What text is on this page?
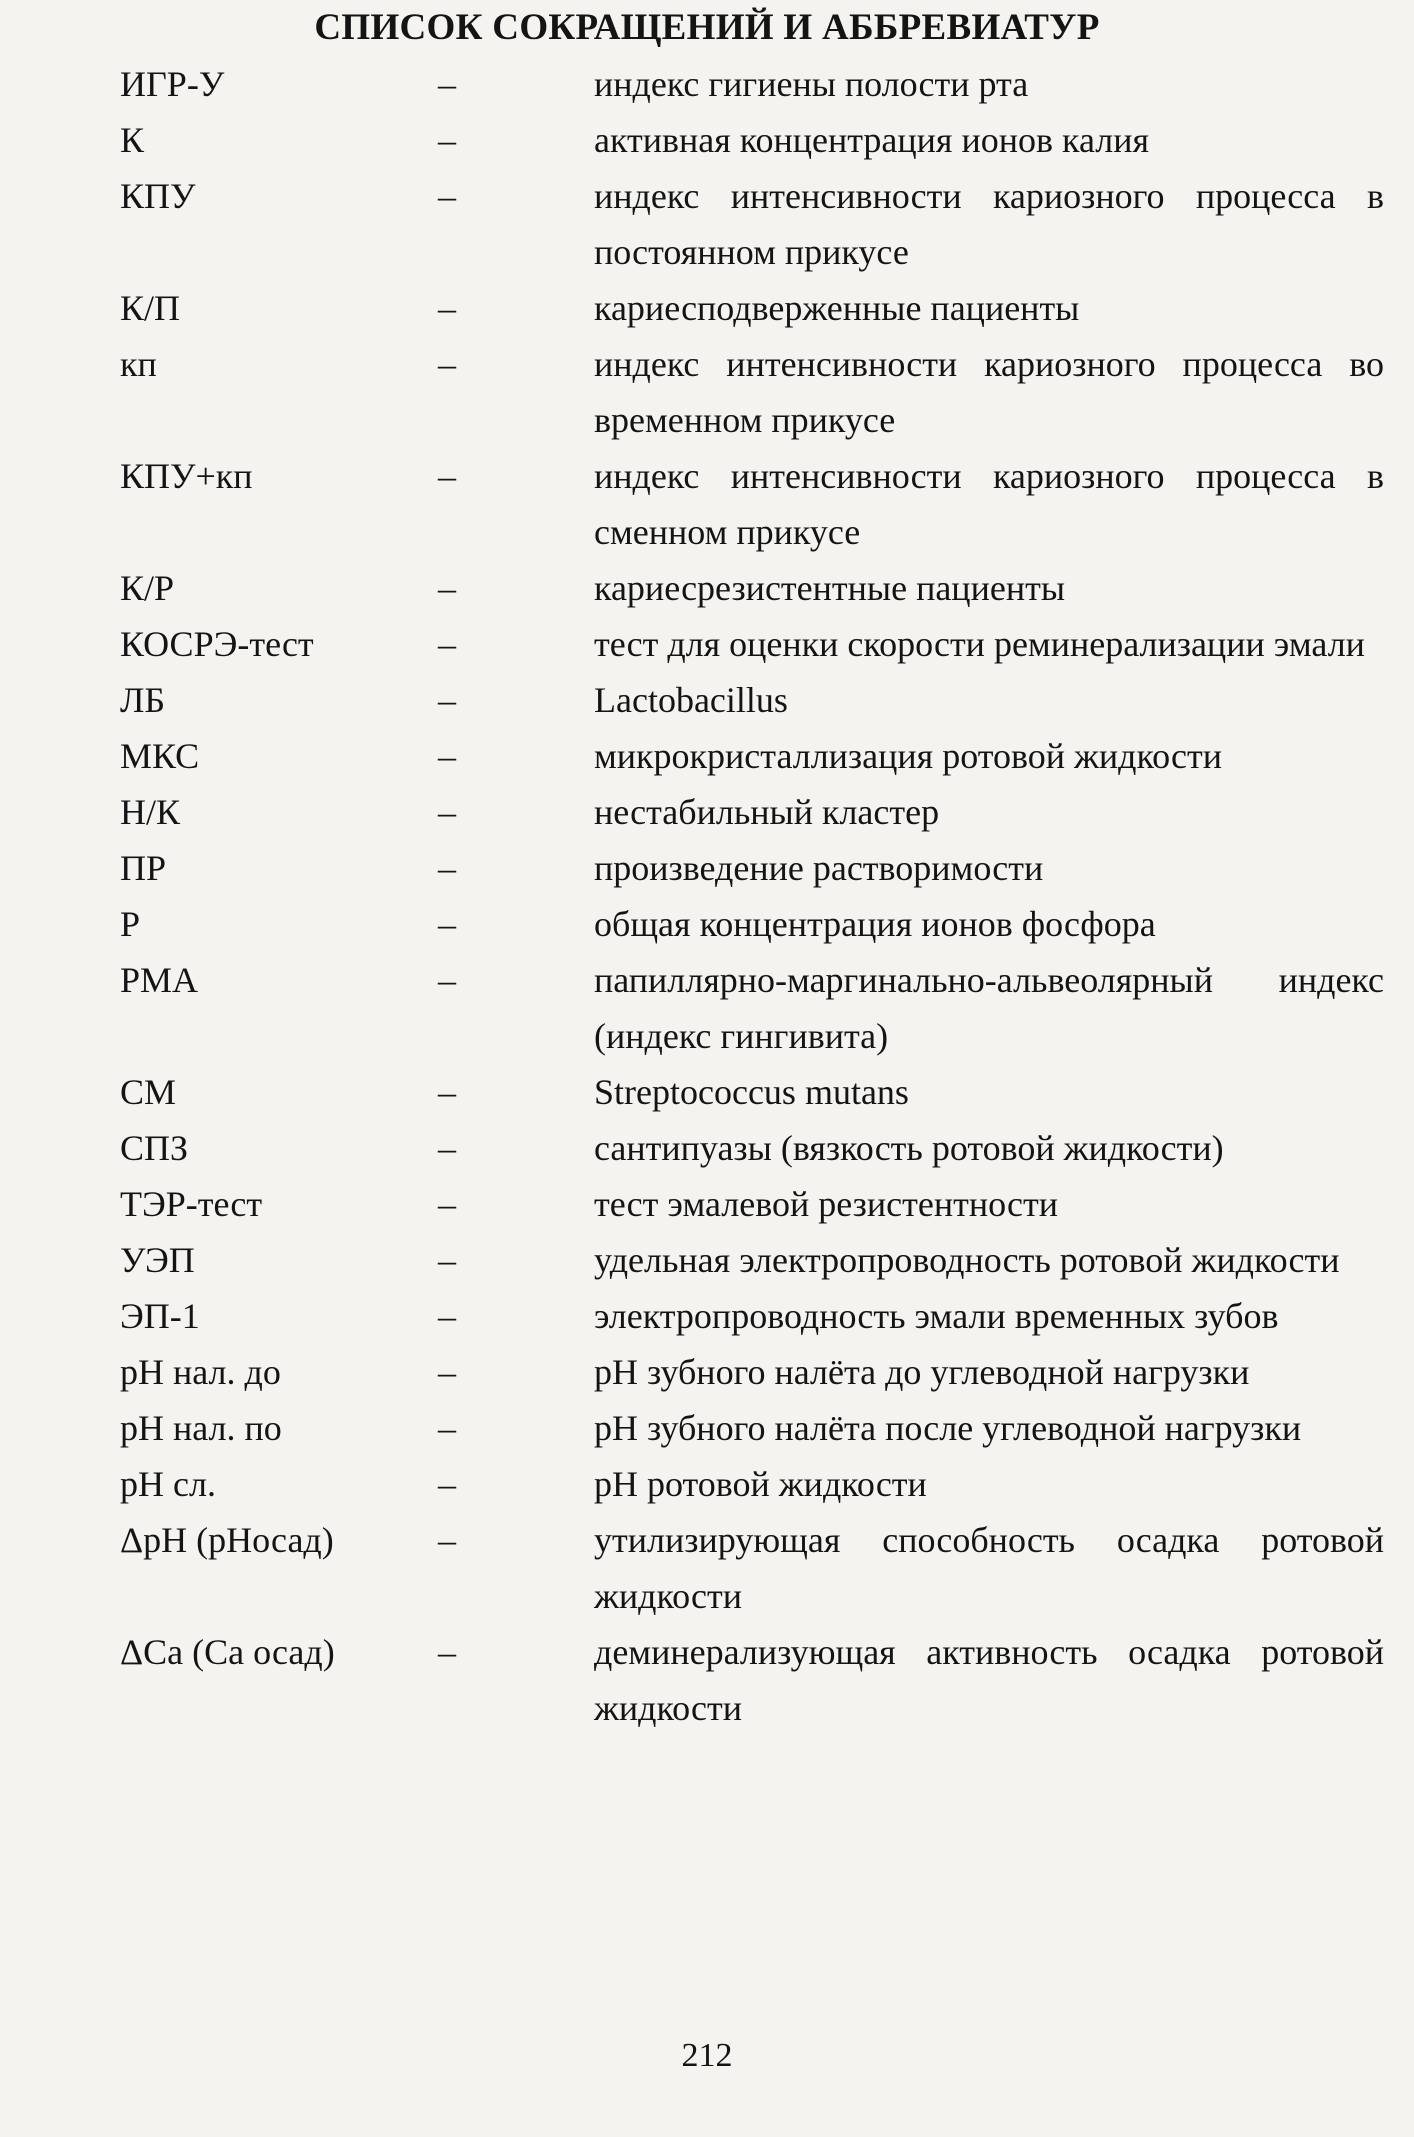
СПИСОК СОКРАЩЕНИЙ И АББРЕВИАТУР
ИГР-У	–	индекс гигиены полости рта
К	–	активная концентрация ионов калия
КПУ	–	индекс интенсивности кариозного процесса в постоянном прикусе
К/П	–	кариесподверженные пациенты
кп	–	индекс интенсивности кариозного процесса во временном прикусе
КПУ+кп	–	индекс интенсивности кариозного процесса в сменном прикусе
К/Р	–	кариесрезистентные пациенты
КОСРЭ-тест	–	тест для оценки скорости реминерализации эмали
ЛБ	–	Lactobacillus
МКС	–	микрокристаллизация ротовой жидкости
Н/К	–	нестабильный кластер
ПР	–	произведение растворимости
Р	–	общая концентрация ионов фосфора
РМА	–	папиллярно-маргинально-альвеолярный индекс (индекс гингивита)
СМ	–	Streptococcus mutans
СПЗ	–	сантипуазы (вязкость ротовой жидкости)
ТЭР-тест	–	тест эмалевой резистентности
УЭП	–	удельная электропроводность ротовой жидкости
ЭП-1	–	электропроводность эмали временных зубов
рН нал. до	–	рН зубного налёта до углеводной нагрузки
рН нал. по	–	рН зубного налёта после углеводной нагрузки
рН сл.	–	рН ротовой жидкости
ΔрН (рНосад)	–	утилизирующая способность осадка ротовой жидкости
ΔСа (Са осад)	–	деминерализующая активность осадка ротовой жидкости
212
